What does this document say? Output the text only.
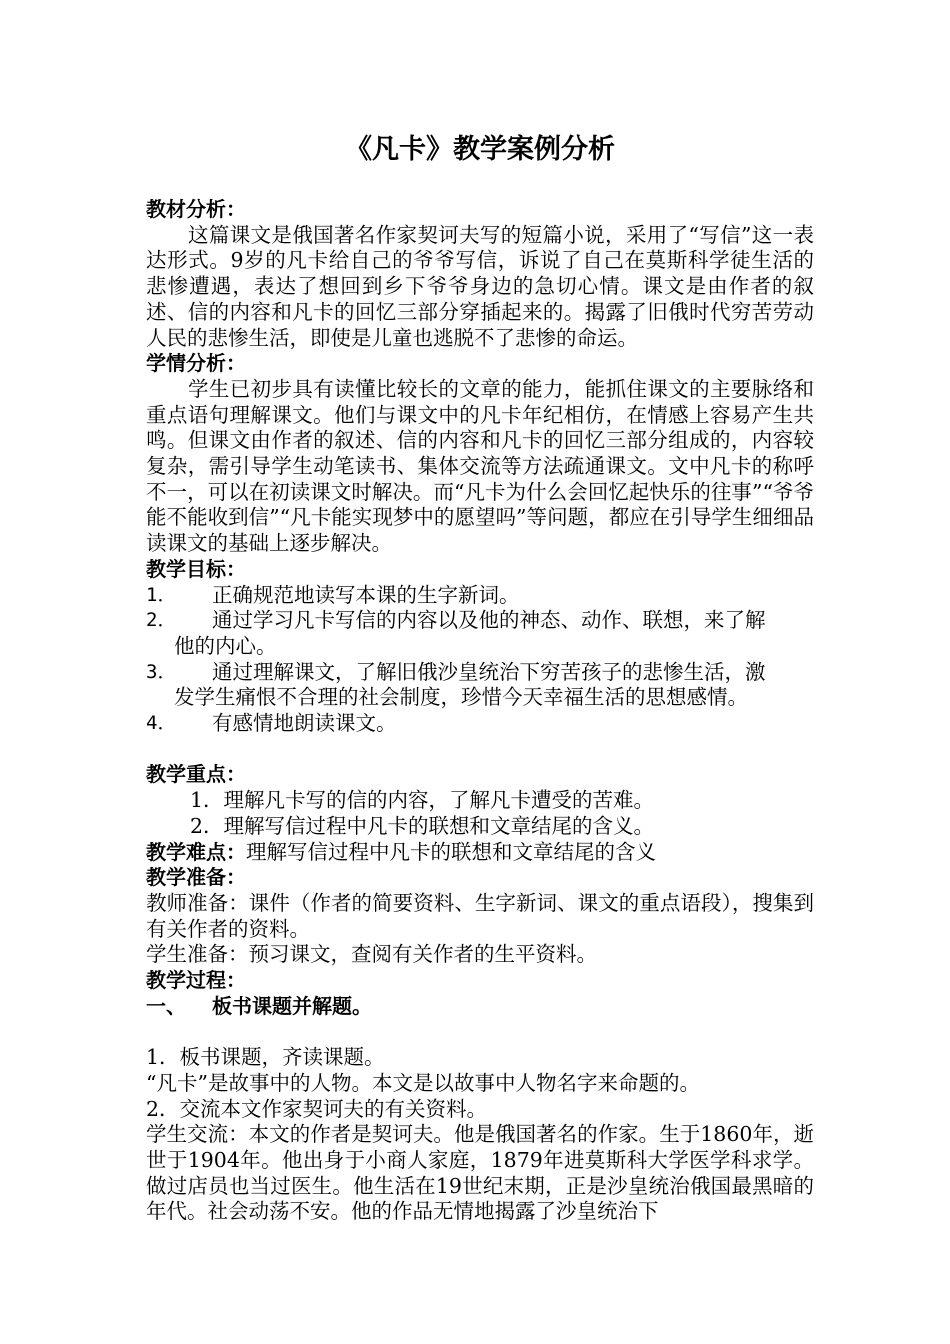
《凡卡》教学案例分析

教材分析：

这篇课文是俄国著名作家契诃夫写的短篇小说，采用了“写信”这一表达形式。9岁的凡卡给自己的爷爷写信，诉说了自己在莫斯科学徒生活的悲惨遭遇，表达了想回到乡下爷爷身边的急切心情。课文是由作者的叙述、信的内容和凡卡的回忆三部分穿插起来的。揭露了旧俄时代穷苦劳动人民的悲惨生活，即使是儿童也逃脱不了悲惨的命运。

学情分析：

学生已初步具有读懂比较长的文章的能力，能抓住课文的主要脉络和重点语句理解课文。他们与课文中的凡卡年纪相仿，在情感上容易产生共鸣。但课文由作者的叙述、信的内容和凡卡的回忆三部分组成的，内容较复杂，需引导学生动笔读书、集体交流等方法疏通课文。文中凡卡的称呼不一，可以在初读课文时解决。而“凡卡为什么会回忆起快乐的往事”“爷爷能不能收到信”“凡卡能实现梦中的愿望吗”等问题，都应在引导学生细细品读课文的基础上逐步解决。

教学目标：

1．	正确规范地读写本课的生字新词。
2．	通过学习凡卡写信的内容以及他的神态、动作、联想，来了解

他的内心。

3．	通过理解课文，了解旧俄沙皇统治下穷苦孩子的悲惨生活，激

发学生痛恨不合理的社会制度，珍惜今天幸福生活的思想感情。

4．	有感情地朗读课文。

教学重点：

1．理解凡卡写的信的内容，了解凡卡遭受的苦难。

2．理解写信过程中凡卡的联想和文章结尾的含义。

教学难点：理解写信过程中凡卡的联想和文章结尾的含义

教学准备：

教师准备：课件（作者的简要资料、生字新词、课文的重点语段），搜集到有关作者的资料。

学生准备：预习课文，查阅有关作者的生平资料。

教学过程：

一、	板书课题并解题。

1．板书课题，齐读课题。

“凡卡”是故事中的人物。本文是以故事中人物名字来命题的。

2．交流本文作家契诃夫的有关资料。

学生交流：本文的作者是契诃夫。他是俄国著名的作家。生于1860年，逝世于1904年。他出身于小商人家庭，1879年进莫斯科大学医学科求学。做过店员也当过医生。他生活在19世纪末期，正是沙皇统治俄国最黑暗的年代。社会动荡不安。他的作品无情地揭露了沙皇统治下
